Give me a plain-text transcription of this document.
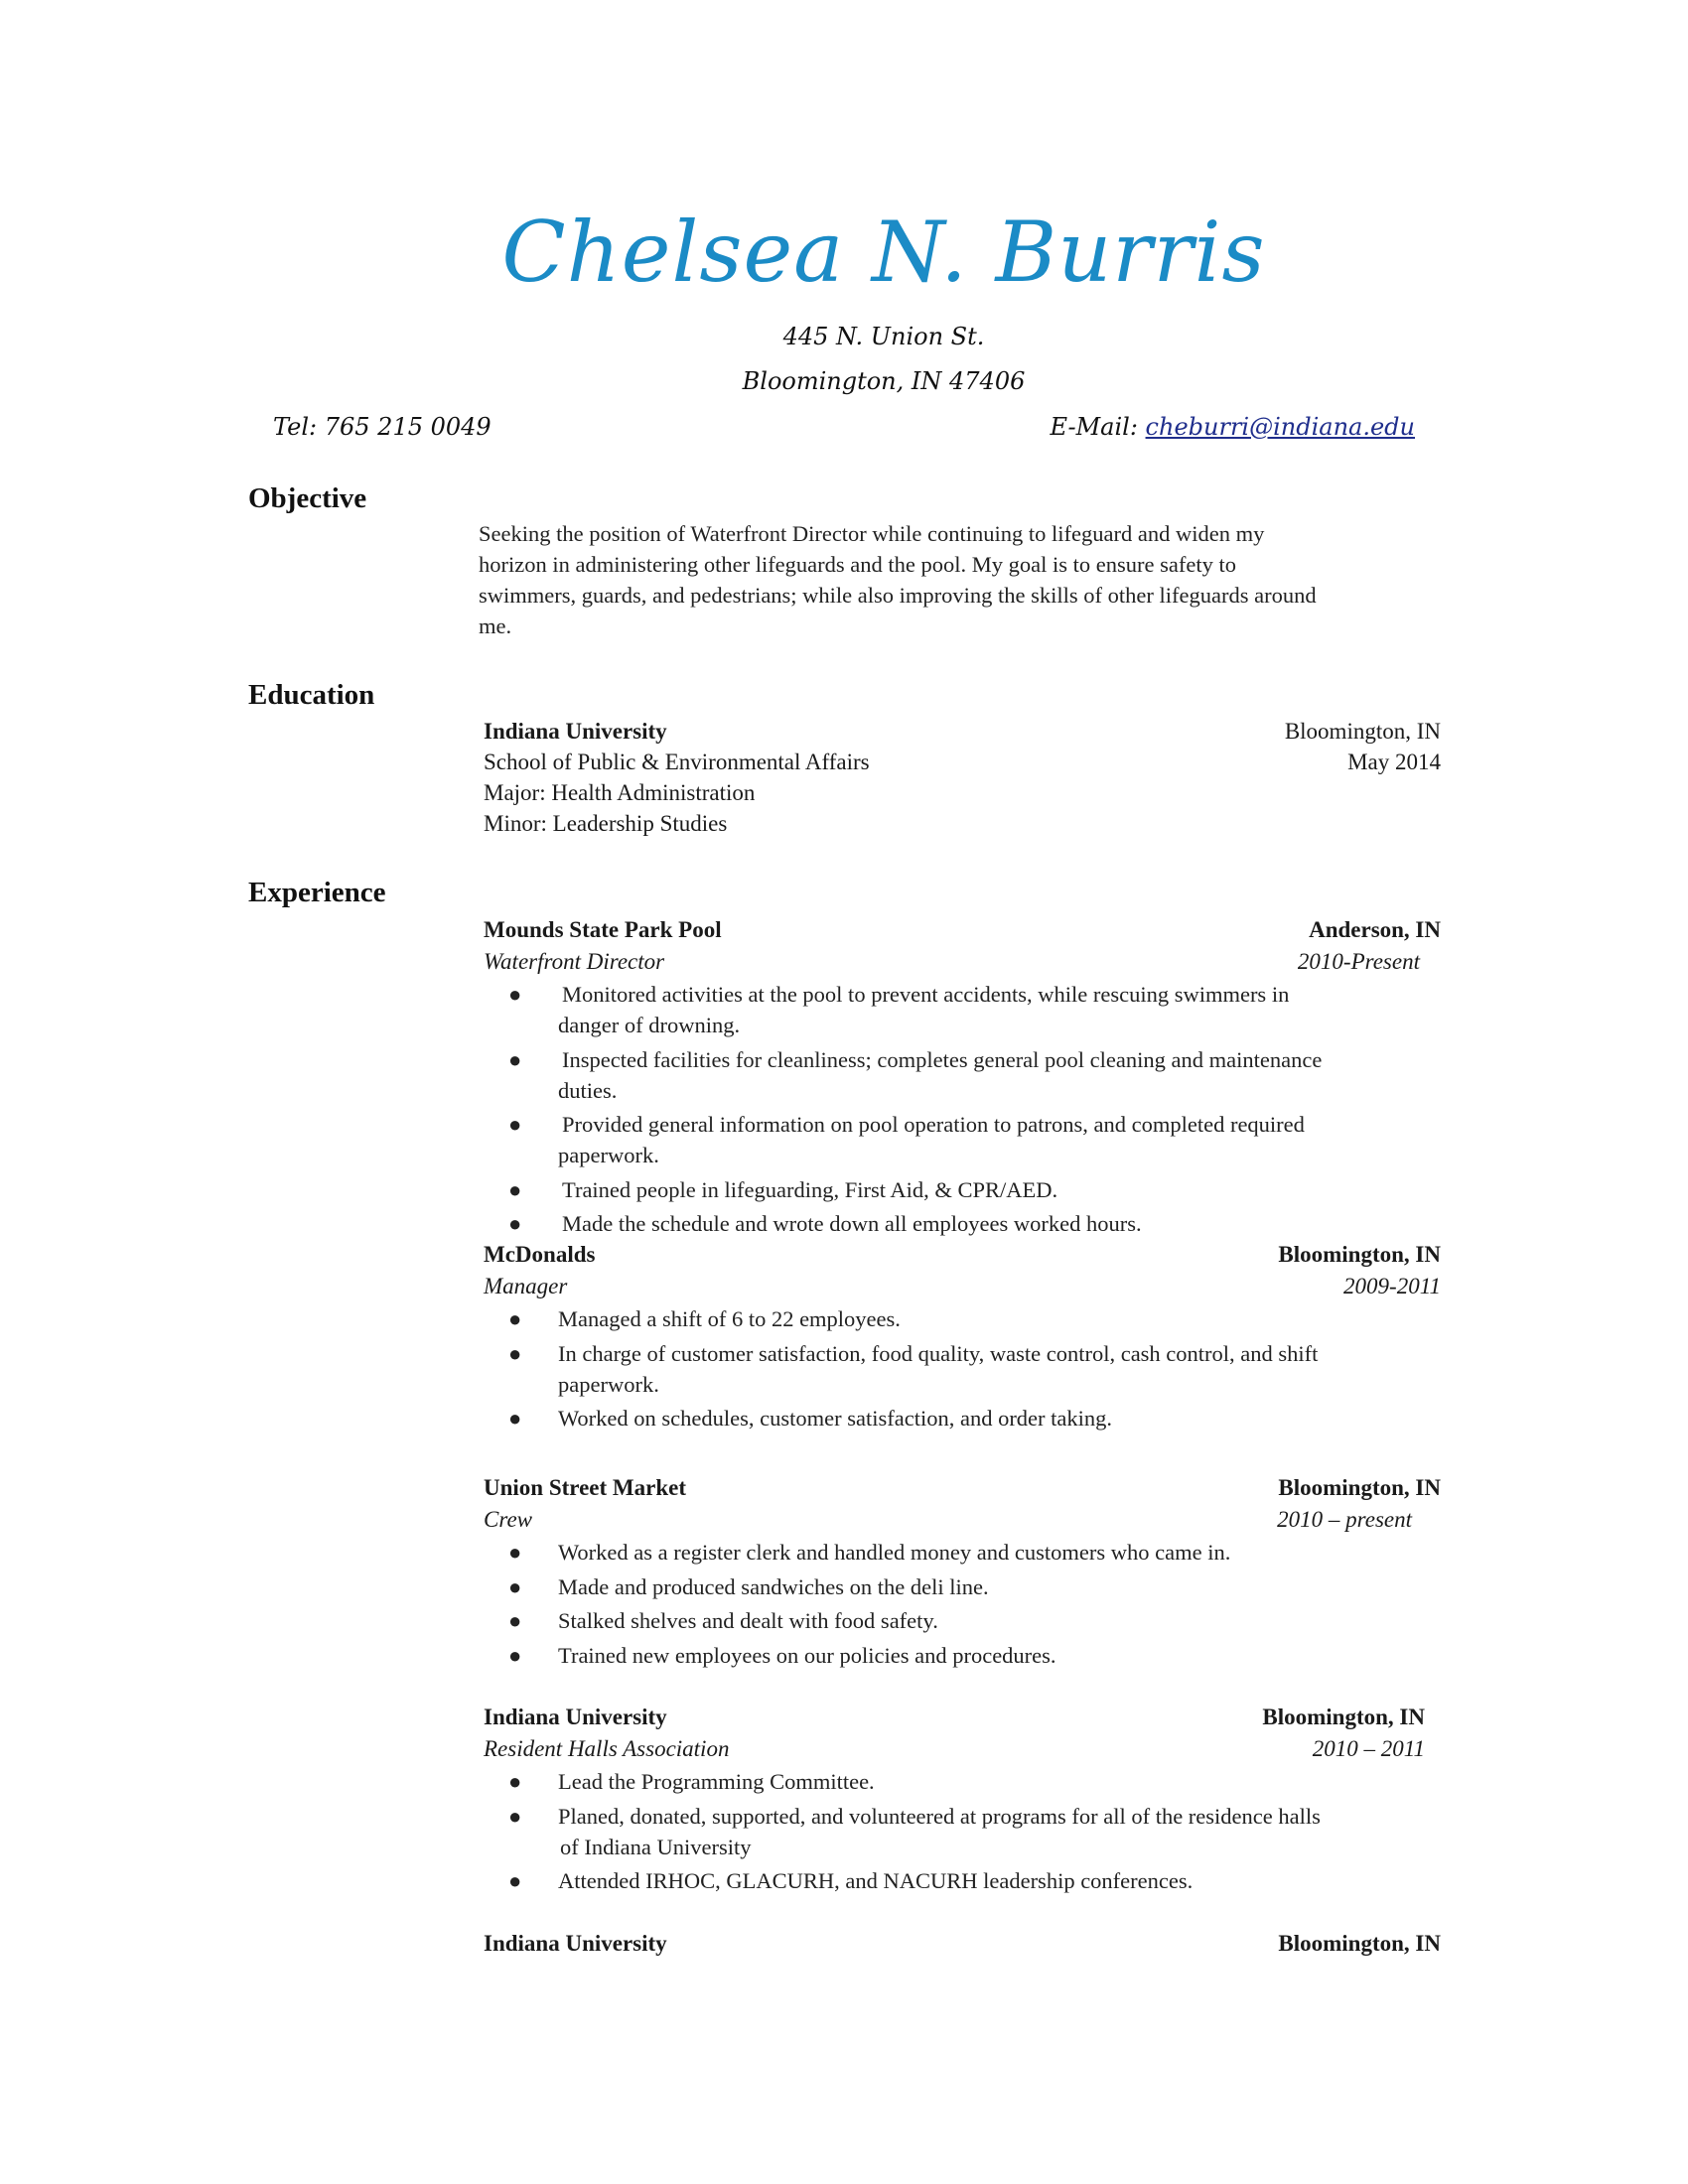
Chelsea N. Burris
445 N. Union St.
Bloomington, IN 47406
Tel: 765 215 0049	E-Mail: cheburri@indiana.edu
Objective
Seeking the position of Waterfront Director while continuing to lifeguard and widen my
horizon in administering other lifeguards and the pool. My goal is to ensure safety to
swimmers, guards, and pedestrians; while also improving the skills of other lifeguards around
me.
Education
Indiana University	Bloomington, IN
School of Public & Environmental Affairs	May 2014
Major: Health Administration
Minor: Leadership Studies
Experience
Mounds State Park Pool	Anderson, IN
Waterfront Director	2010-Present
● Monitored activities at the pool to prevent accidents, while rescuing swimmers in
danger of drowning.
● Inspected facilities for cleanliness; completes general pool cleaning and maintenance
duties.
● Provided general information on pool operation to patrons, and completed required
paperwork.
● Trained people in lifeguarding, First Aid, & CPR/AED.
● Made the schedule and wrote down all employees worked hours.
McDonalds	Bloomington, IN
Manager	2009-2011
● Managed a shift of 6 to 22 employees.
● In charge of customer satisfaction, food quality, waste control, cash control, and shift
paperwork.
● Worked on schedules, customer satisfaction, and order taking.
Union Street Market	Bloomington, IN
Crew	2010 – present
● Worked as a register clerk and handled money and customers who came in.
● Made and produced sandwiches on the deli line.
● Stalked shelves and dealt with food safety.
● Trained new employees on our policies and procedures.
Indiana University	Bloomington, IN
Resident Halls Association	2010 – 2011
● Lead the Programming Committee.
● Planed, donated, supported, and volunteered at programs for all of the residence halls
of Indiana University
● Attended IRHOC, GLACURH, and NACURH leadership conferences.
Indiana University	Bloomington, IN
